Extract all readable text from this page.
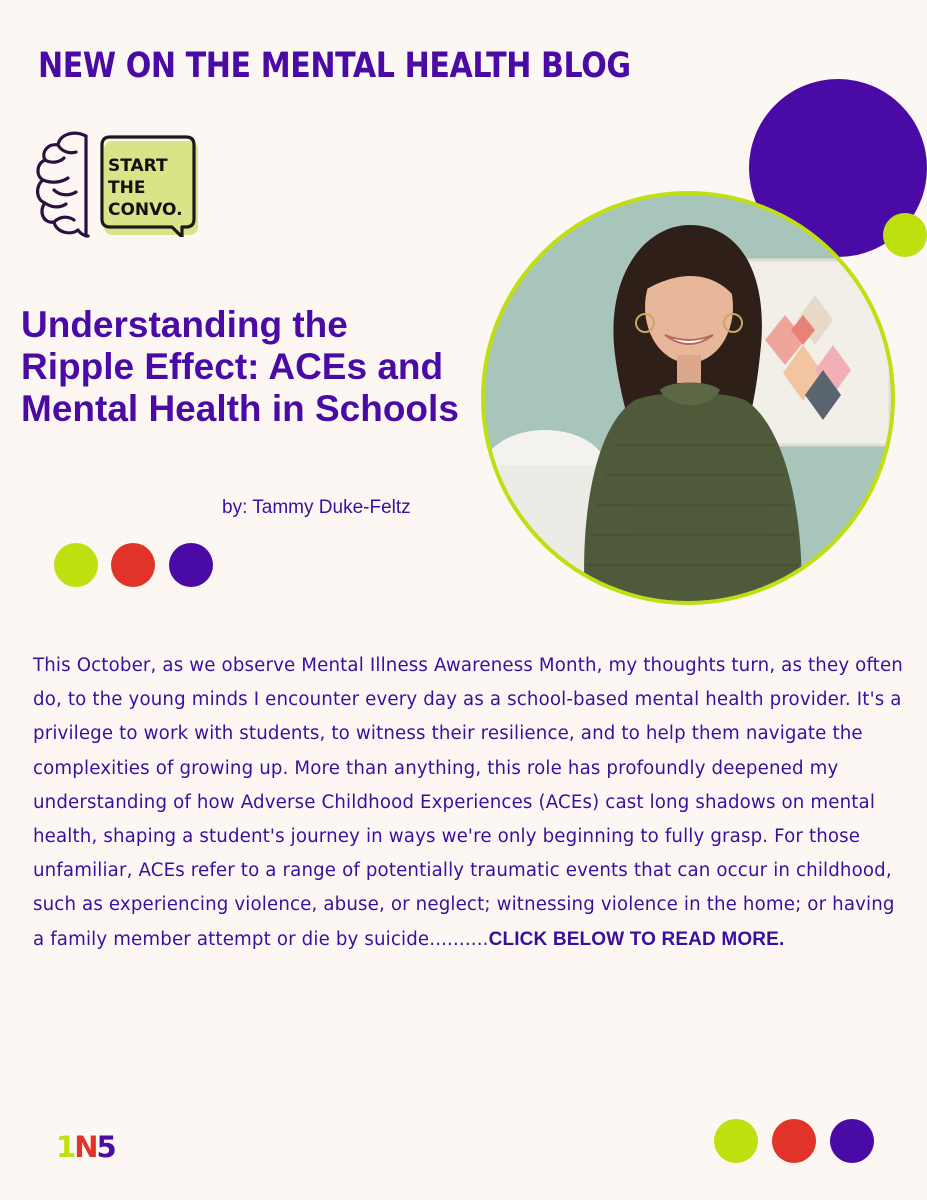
NEW ON THE MENTAL HEALTH BLOG
START
THE
CONVO.
Understanding the Ripple Effect: ACEs and Mental Health in Schools
by: Tammy Duke-Feltz
This October, as we observe Mental Illness Awareness Month, my thoughts turn, as they often do, to the young minds I encounter every day as a school-based mental health provider. It's a privilege to work with students, to witness their resilience, and to help them navigate the complexities of growing up. More than anything, this role has profoundly deepened my understanding of how Adverse Childhood Experiences (ACEs) cast long shadows on mental health, shaping a student's journey in ways we're only beginning to fully grasp. For those unfamiliar, ACEs refer to a range of potentially traumatic events that can occur in childhood, such as experiencing violence, abuse, or neglect; witnessing violence in the home; or having a family member attempt or die by suicide..........CLICK BELOW TO READ MORE.
1N5
